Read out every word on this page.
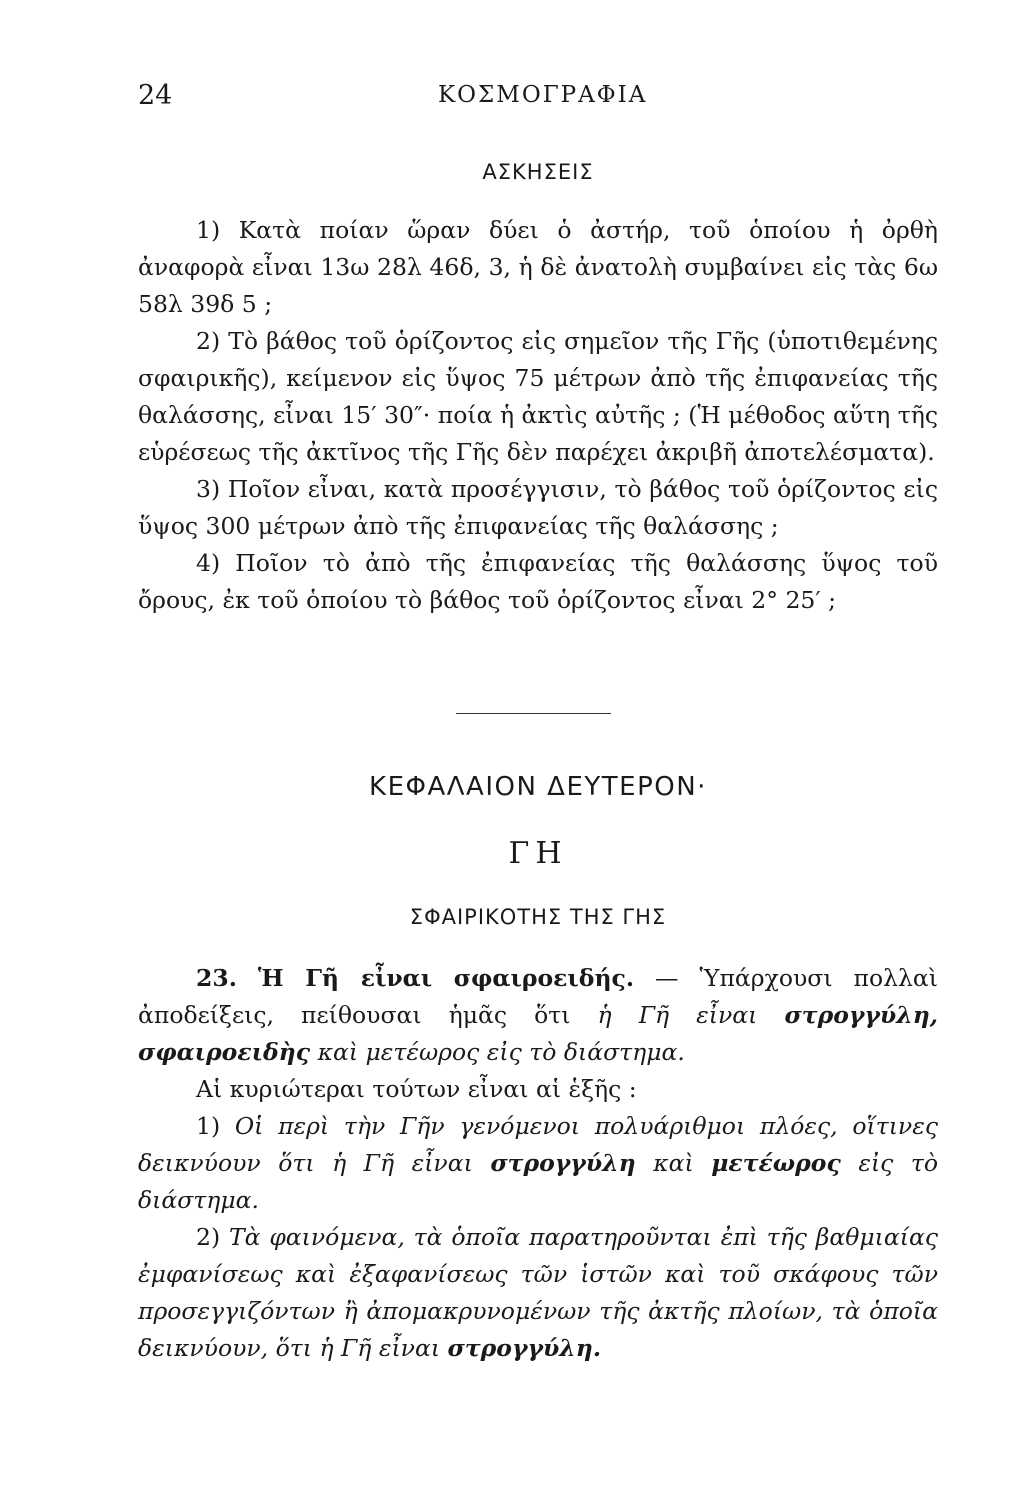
24	ΚΟΣΜΟΓΡΑΦΙΑ
ΑΣΚΗΣΕΙΣ

1) Κατὰ ποίαν ὥραν δύει ὁ ἀστήρ, τοῦ ὁποίου ἡ ὀρθὴ ἀναφορὰ εἶναι 13ω 28λ 46δ, 3, ἡ δὲ ἀνατολὴ συμβαίνει εἰς τὰς 6ω 58λ 39δ 5 ;

2) Τὸ βάθος τοῦ ὁρίζοντος εἰς σημεῖον τῆς Γῆς (ὑποτιθεμένης σφαιρικῆς), κείμενον εἰς ὕψος 75 μέτρων ἀπὸ τῆς ἐπιφανείας τῆς θαλάσσης, εἶναι 15′ 30″· ποία ἡ ἀκτὶς αὐτῆς ; (Ἡ μέθοδος αὕτη τῆς εὑρέσεως τῆς ἀκτῖνος τῆς Γῆς δὲν παρέχει ἀκριβῆ ἀποτελέσματα).

3) Ποῖον εἶναι, κατὰ προσέγγισιν, τὸ βάθος τοῦ ὁρίζοντος εἰς ὕψος 300 μέτρων ἀπὸ τῆς ἐπιφανείας τῆς θαλάσσης ;

4) Ποῖον τὸ ἀπὸ τῆς ἐπιφανείας τῆς θαλάσσης ὕψος τοῦ ὄρους, ἐκ τοῦ ὁποίου τὸ βάθος τοῦ ὁρίζοντος εἶναι 2° 25′ ;

ΚΕΦΑΛΑΙΟΝ ΔΕΥΤΕΡΟΝ·
ΓΗ
ΣΦΑΙΡΙΚΟΤΗΣ ΤΗΣ ΓΗΣ

23. Ἡ Γῆ εἶναι σφαιροειδής. — Ὑπάρχουσι πολλαὶ ἀποδείξεις, πείθουσαι ἡμᾶς ὅτι ἡ Γῆ εἶναι στρογγύλη, σφαιροειδὴς καὶ μετέωρος εἰς τὸ διάστημα.

Αἱ κυριώτεραι τούτων εἶναι αἱ ἑξῆς :

1) Οἱ περὶ τὴν Γῆν γενόμενοι πολυάριθμοι πλόες, οἵτινες δεικνύουν ὅτι ἡ Γῆ εἶναι στρογγύλη καὶ μετέωρος εἰς τὸ διάστημα.

2) Τὰ φαινόμενα, τὰ ὁποῖα παρατηροῦνται ἐπὶ τῆς βαθμιαίας ἐμφανίσεως καὶ ἐξαφανίσεως τῶν ἱστῶν καὶ τοῦ σκάφους τῶν προσεγγιζόντων ἢ ἀπομακρυνομένων τῆς ἀκτῆς πλοίων, τὰ ὁποῖα δεικνύουν, ὅτι ἡ Γῆ εἶναι στρογγύλη.
